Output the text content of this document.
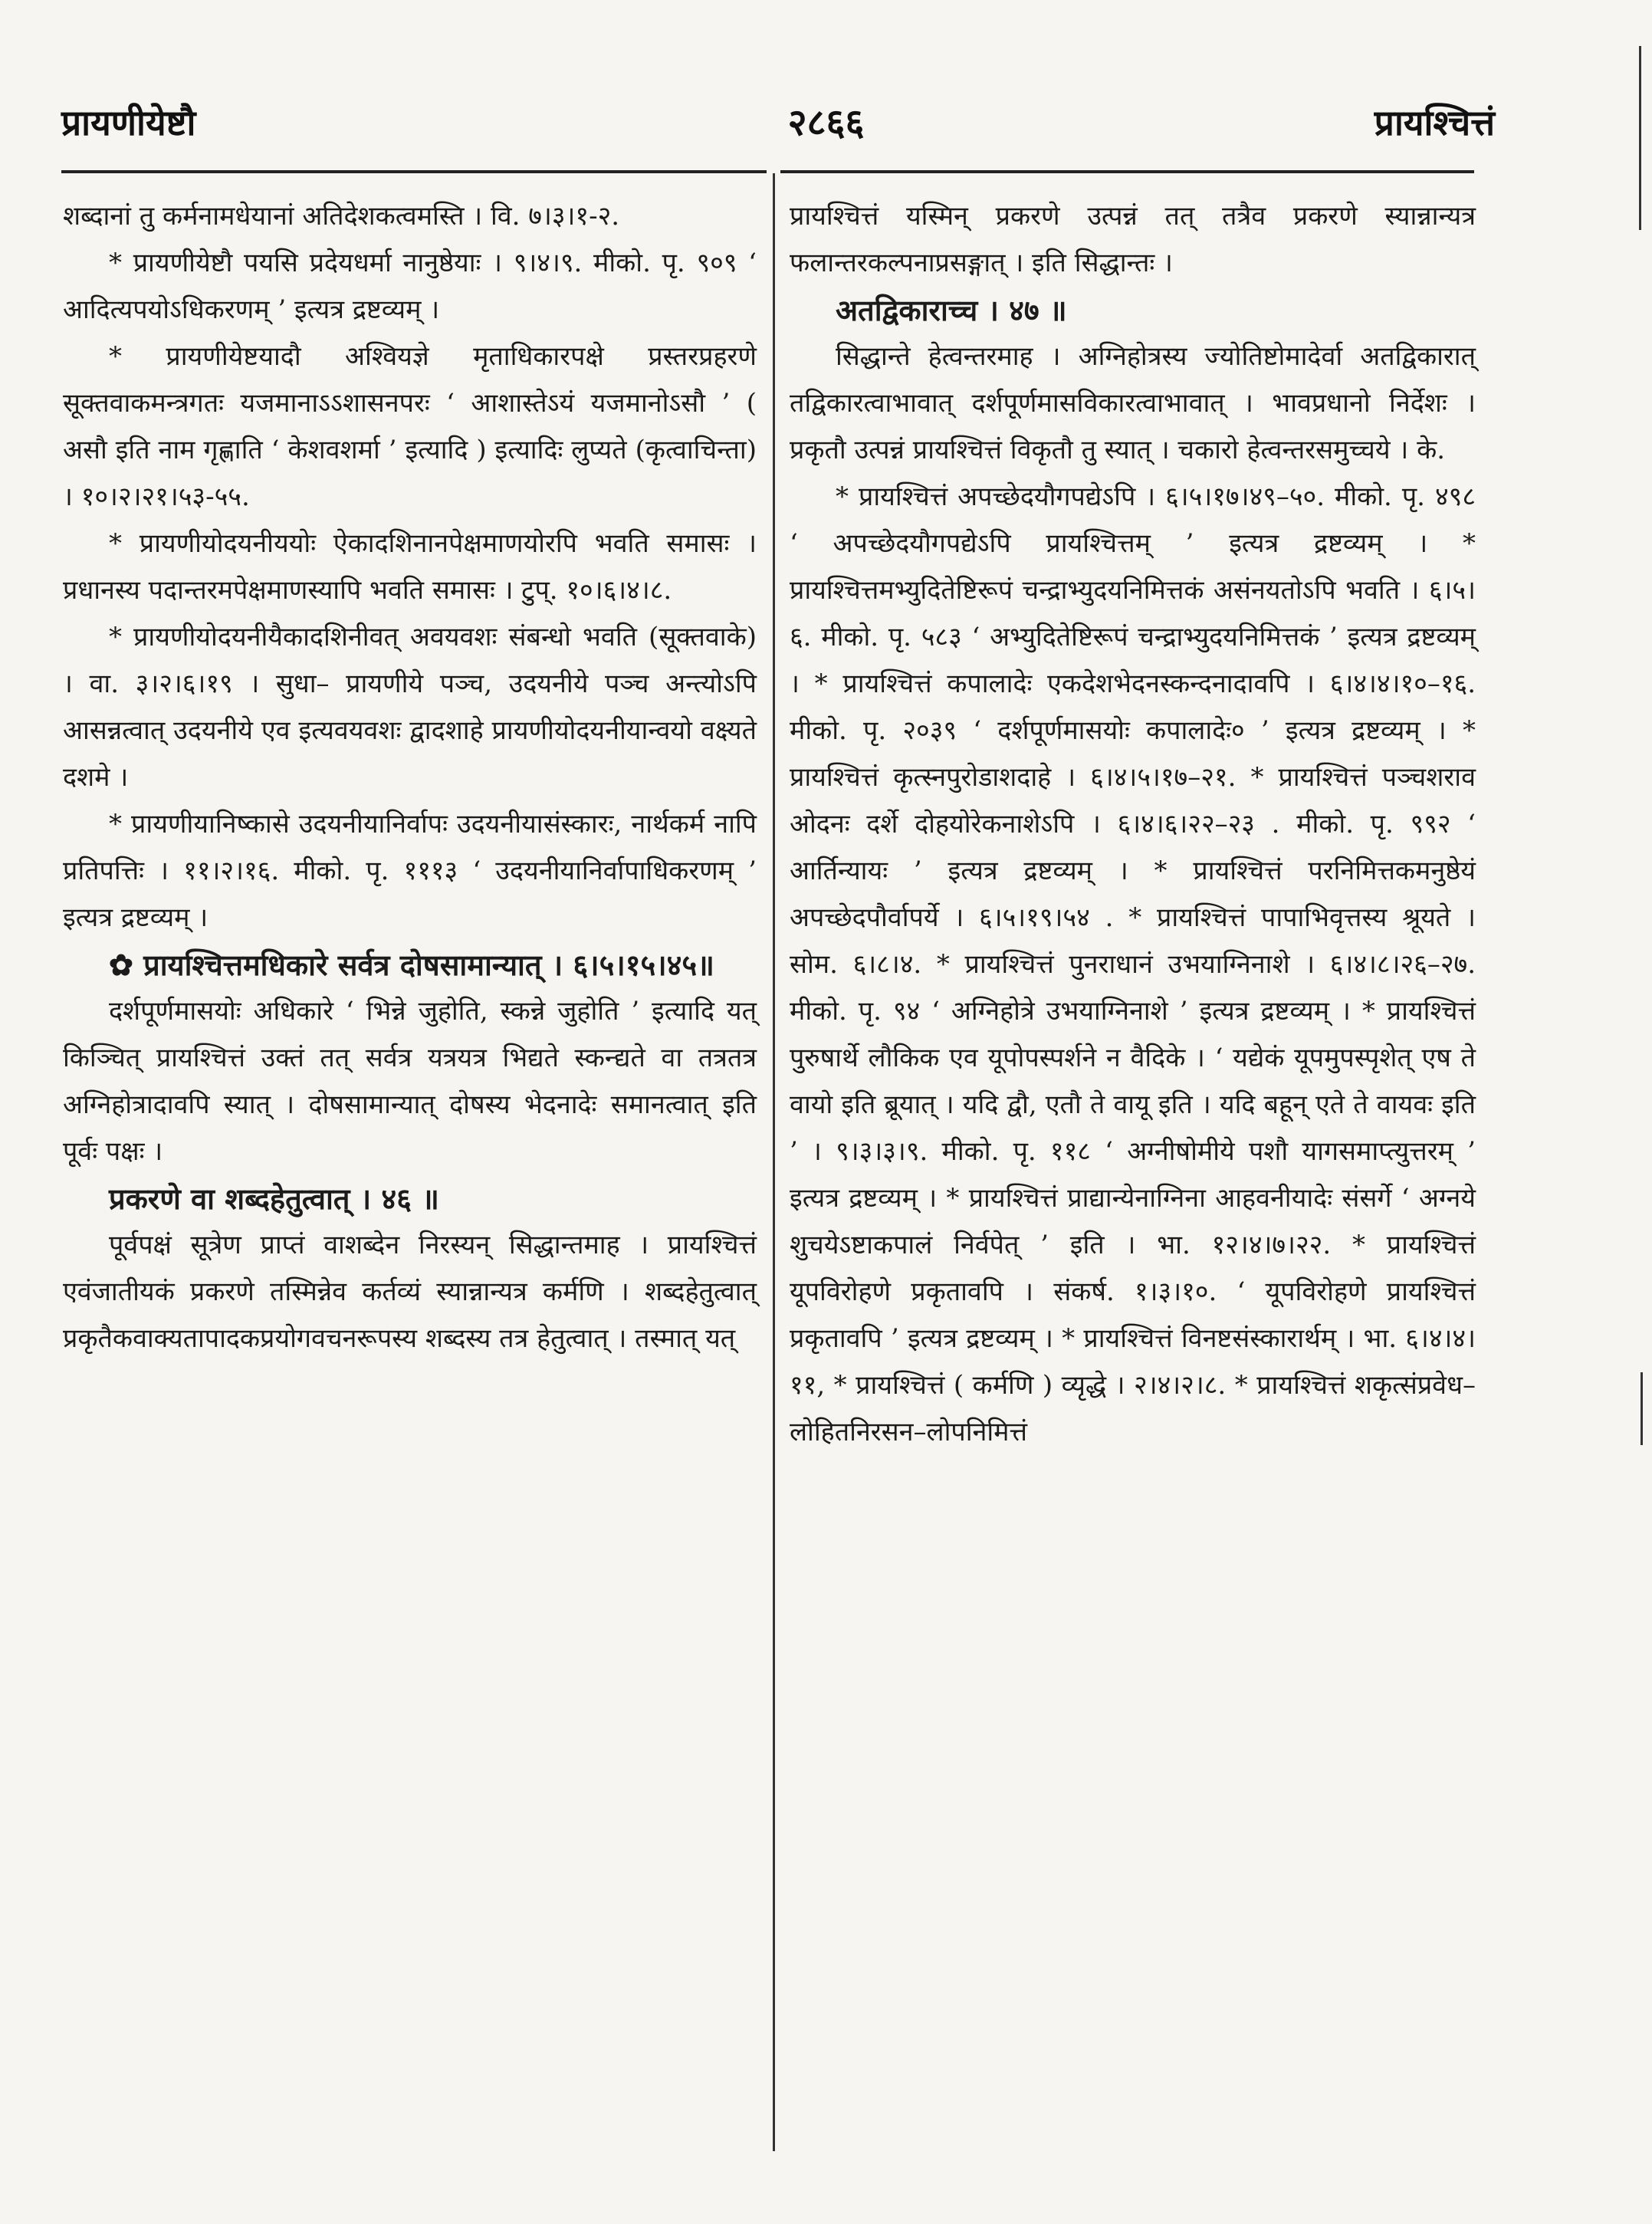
प्रायणीयेष्टौ	२८६६	प्रायश्चित्तं

शब्दानां तु कर्मनामधेयानां अतिदेशकत्वमस्ति । वि. ७।३।१-२.

* प्रायणीयेष्टौ पयसि प्रदेयधर्मा नानुष्ठेयाः । ९।४।९. मीको. पृ. ९०९ ‘ आदित्यपयोऽधिकरणम् ’ इत्यत्र द्रष्टव्यम् ।

* प्रायणीयेष्टयादौ अश्वियज्ञे मृताधिकारपक्षे प्रस्तरप्रहरणे सूक्तवाकमन्त्रगतः यजमानाऽऽशासनपरः ‘ आशास्तेऽयं यजमानोऽसौ ’ ( असौ इति नाम गृह्णाति ‘ केशवशर्मा ’ इत्यादि ) इत्यादिः लुप्यते (कृत्वाचिन्ता) । १०।२।२१।५३-५५.

* प्रायणीयोदयनीययोः ऐकादशिनानपेक्षमाणयोरपि भवति समासः । प्रधानस्य पदान्तरमपेक्षमाणस्यापि भवति समासः । टुप्. १०।६।४।८.

* प्रायणीयोदयनीयैकादशिनीवत् अवयवशः संबन्धो भवति (सूक्तवाके) । वा. ३।२।६।१९ । सुधा– प्रायणीये पञ्च, उदयनीये पञ्च अन्त्योऽपि आसन्नत्वात् उदयनीये एव इत्यवयवशः द्वादशाहे प्रायणीयोदयनीयान्वयो वक्ष्यते दशमे ।

* प्रायणीयानिष्कासे उदयनीयानिर्वापः उदयनीयासंस्कारः, नार्थकर्म नापि प्रतिपत्तिः । ११।२।१६. मीको. पृ. १११३ ‘ उदयनीयानिर्वापाधिकरणम् ’ इत्यत्र द्रष्टव्यम् ।

✿ प्रायश्चित्तमधिकारे सर्वत्र दोषसामान्यात् । ६।५।१५।४५॥

दर्शपूर्णमासयोः अधिकारे ‘ भिन्ने जुहोति, स्कन्ने जुहोति ’ इत्यादि यत् किञ्चित् प्रायश्चित्तं उक्तं तत् सर्वत्र यत्रयत्र भिद्यते स्कन्द्यते वा तत्रतत्र अग्निहोत्रादावपि स्यात् । दोषसामान्यात् दोषस्य भेदनादेः समानत्वात् इति पूर्वः पक्षः ।

प्रकरणे वा शब्दहेतुत्वात् । ४६ ॥

पूर्वपक्षं सूत्रेण प्राप्तं वाशब्देन निरस्यन् सिद्धान्तमाह । प्रायश्चित्तं एवंजातीयकं प्रकरणे तस्मिन्नेव कर्तव्यं स्यान्नान्यत्र कर्मणि । शब्दहेतुत्वात् प्रकृतैकवाक्यतापादकप्रयोगवचनरूपस्य शब्दस्य तत्र हेतुत्वात् । तस्मात् यत्

प्रायश्चित्तं यस्मिन् प्रकरणे उत्पन्नं तत् तत्रैव प्रकरणे स्यान्नान्यत्र फलान्तरकल्पनाप्रसङ्गात् । इति सिद्धान्तः ।

अतद्विकाराच्च । ४७ ॥

सिद्धान्ते हेत्वन्तरमाह । अग्निहोत्रस्य ज्योतिष्टोमादेर्वा अतद्विकारात् तद्विकारत्वाभावात् दर्शपूर्णमासविकारत्वाभावात् । भावप्रधानो निर्देशः । प्रकृतौ उत्पन्नं प्रायश्चित्तं विकृतौ तु स्यात् । चकारो हेत्वन्तरसमुच्चये । के.

* प्रायश्चित्तं अपच्छेदयौगपद्येऽपि । ६।५।१७।४९–५०. मीको. पृ. ४९८ ‘ अपच्छेदयौगपद्येऽपि प्रायश्चित्तम् ’ इत्यत्र द्रष्टव्यम् । * प्रायश्चित्तमभ्युदितेष्टिरूपं चन्द्राभ्युदयनिमित्तकं असंनयतोऽपि भवति । ६।५।६. मीको. पृ. ५८३ ‘ अभ्युदितेष्टिरूपं चन्द्राभ्युदयनिमित्तकं ’ इत्यत्र द्रष्टव्यम् । * प्रायश्चित्तं कपालादेः एकदेशभेदनस्कन्दनादावपि । ६।४।४।१०–१६. मीको. पृ. २०३९ ‘ दर्शपूर्णमासयोः कपालादेः० ’ इत्यत्र द्रष्टव्यम् । * प्रायश्चित्तं कृत्स्नपुरोडाशदाहे । ६।४।५।१७–२१. * प्रायश्चित्तं पञ्चशराव ओदनः दर्शे दोहयोरेकनाशेऽपि । ६।४।६।२२–२३ . मीको. पृ. ९९२ ‘ आर्तिन्यायः ’ इत्यत्र द्रष्टव्यम् । * प्रायश्चित्तं परनिमित्तकमनुष्ठेयं अपच्छेदपौर्वापर्ये । ६।५।१९।५४ . * प्रायश्चित्तं पापाभिवृत्तस्य श्रूयते । सोम. ६।८।४. * प्रायश्चित्तं पुनराधानं उभयाग्निनाशे । ६।४।८।२६–२७. मीको. पृ. ९४ ‘ अग्निहोत्रे उभयाग्निनाशे ’ इत्यत्र द्रष्टव्यम् । * प्रायश्चित्तं पुरुषार्थे लौकिक एव यूपोपस्पर्शने न वैदिके । ‘ यद्येकं यूपमुपस्पृशेत् एष ते वायो इति ब्रूयात् । यदि द्वौ, एतौ ते वायू इति । यदि बहून् एते ते वायवः इति ’ । ९।३।३।९. मीको. पृ. ११८ ‘ अग्नीषोमीये पशौ यागसमाप्त्युत्तरम् ’ इत्यत्र द्रष्टव्यम् । * प्रायश्चित्तं प्राद्यान्येनाग्निना आहवनीयादेः संसर्गे ‘ अग्नये शुचयेऽष्टाकपालं निर्वपेत् ’ इति । भा. १२।४।७।२२. * प्रायश्चित्तं यूपविरोहणे प्रकृतावपि । संकर्ष. १।३।१०. ‘ यूपविरोहणे प्रायश्चित्तं प्रकृतावपि ’ इत्यत्र द्रष्टव्यम् । * प्रायश्चित्तं विनष्टसंस्कारार्थम् । भा. ६।४।४।११, * प्रायश्चित्तं ( कर्मणि ) व्यृद्धे । २।४।२।८. * प्रायश्चित्तं शकृत्संप्रवेध–लोहितनिरसन–लोपनिमित्तं
